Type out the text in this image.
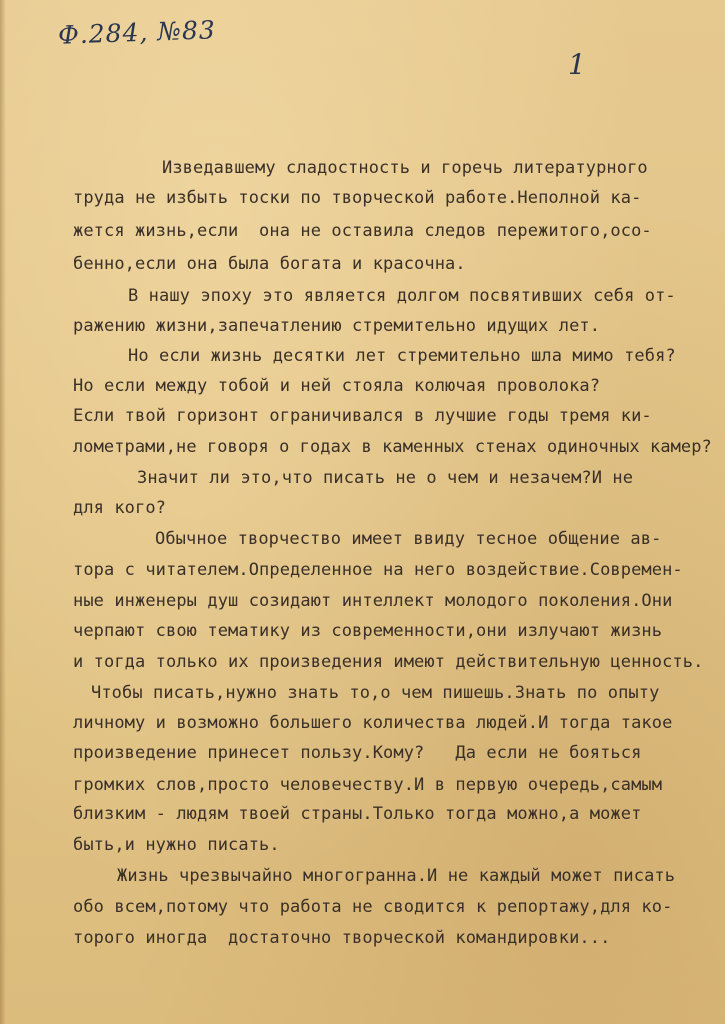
Ф.284, №83
1
Изведавшему сладостность и горечь литературного
труда не избыть тоски по творческой работе.Неполной ка-
жется жизнь,если  она не оставила следов пережитого,осо-
бенно,если она была богата и красочна.
В нашу эпоху это является долгом посвятивших себя от-
ражению жизни,запечатлению стремительно идущих лет.
Но если жизнь десятки лет стремительно шла мимо тебя?
Но если между тобой и ней стояла колючая проволока?
Если твой горизонт ограничивался в лучшие годы тремя ки-
лометрами,не говоря о годах в каменных стенах одиночных камер?
Значит ли это,что писать не о чем и незачем?И не
для кого?
Обычное творчество имеет ввиду тесное общение ав-
тора с читателем.Определенное на него воздействие.Современ-
ные инженеры душ созидают интеллект молодого поколения.Они
черпают свою тематику из современности,они излучают жизнь
и тогда только их произведения имеют действительную ценность.
Чтобы писать,нужно знать то,о чем пишешь.Знать по опыту
личному и возможно большего количества людей.И тогда такое
произведение принесет пользу.Кому?   Да если не бояться
громких слов,просто человечеству.И в первую очередь,самым
близким - людям твоей страны.Только тогда можно,а может
быть,и нужно писать.
Жизнь чрезвычайно многогранна.И не каждый может писать
обо всем,потому что работа не сводится к репортажу,для ко-
торого иногда  достаточно творческой командировки...
